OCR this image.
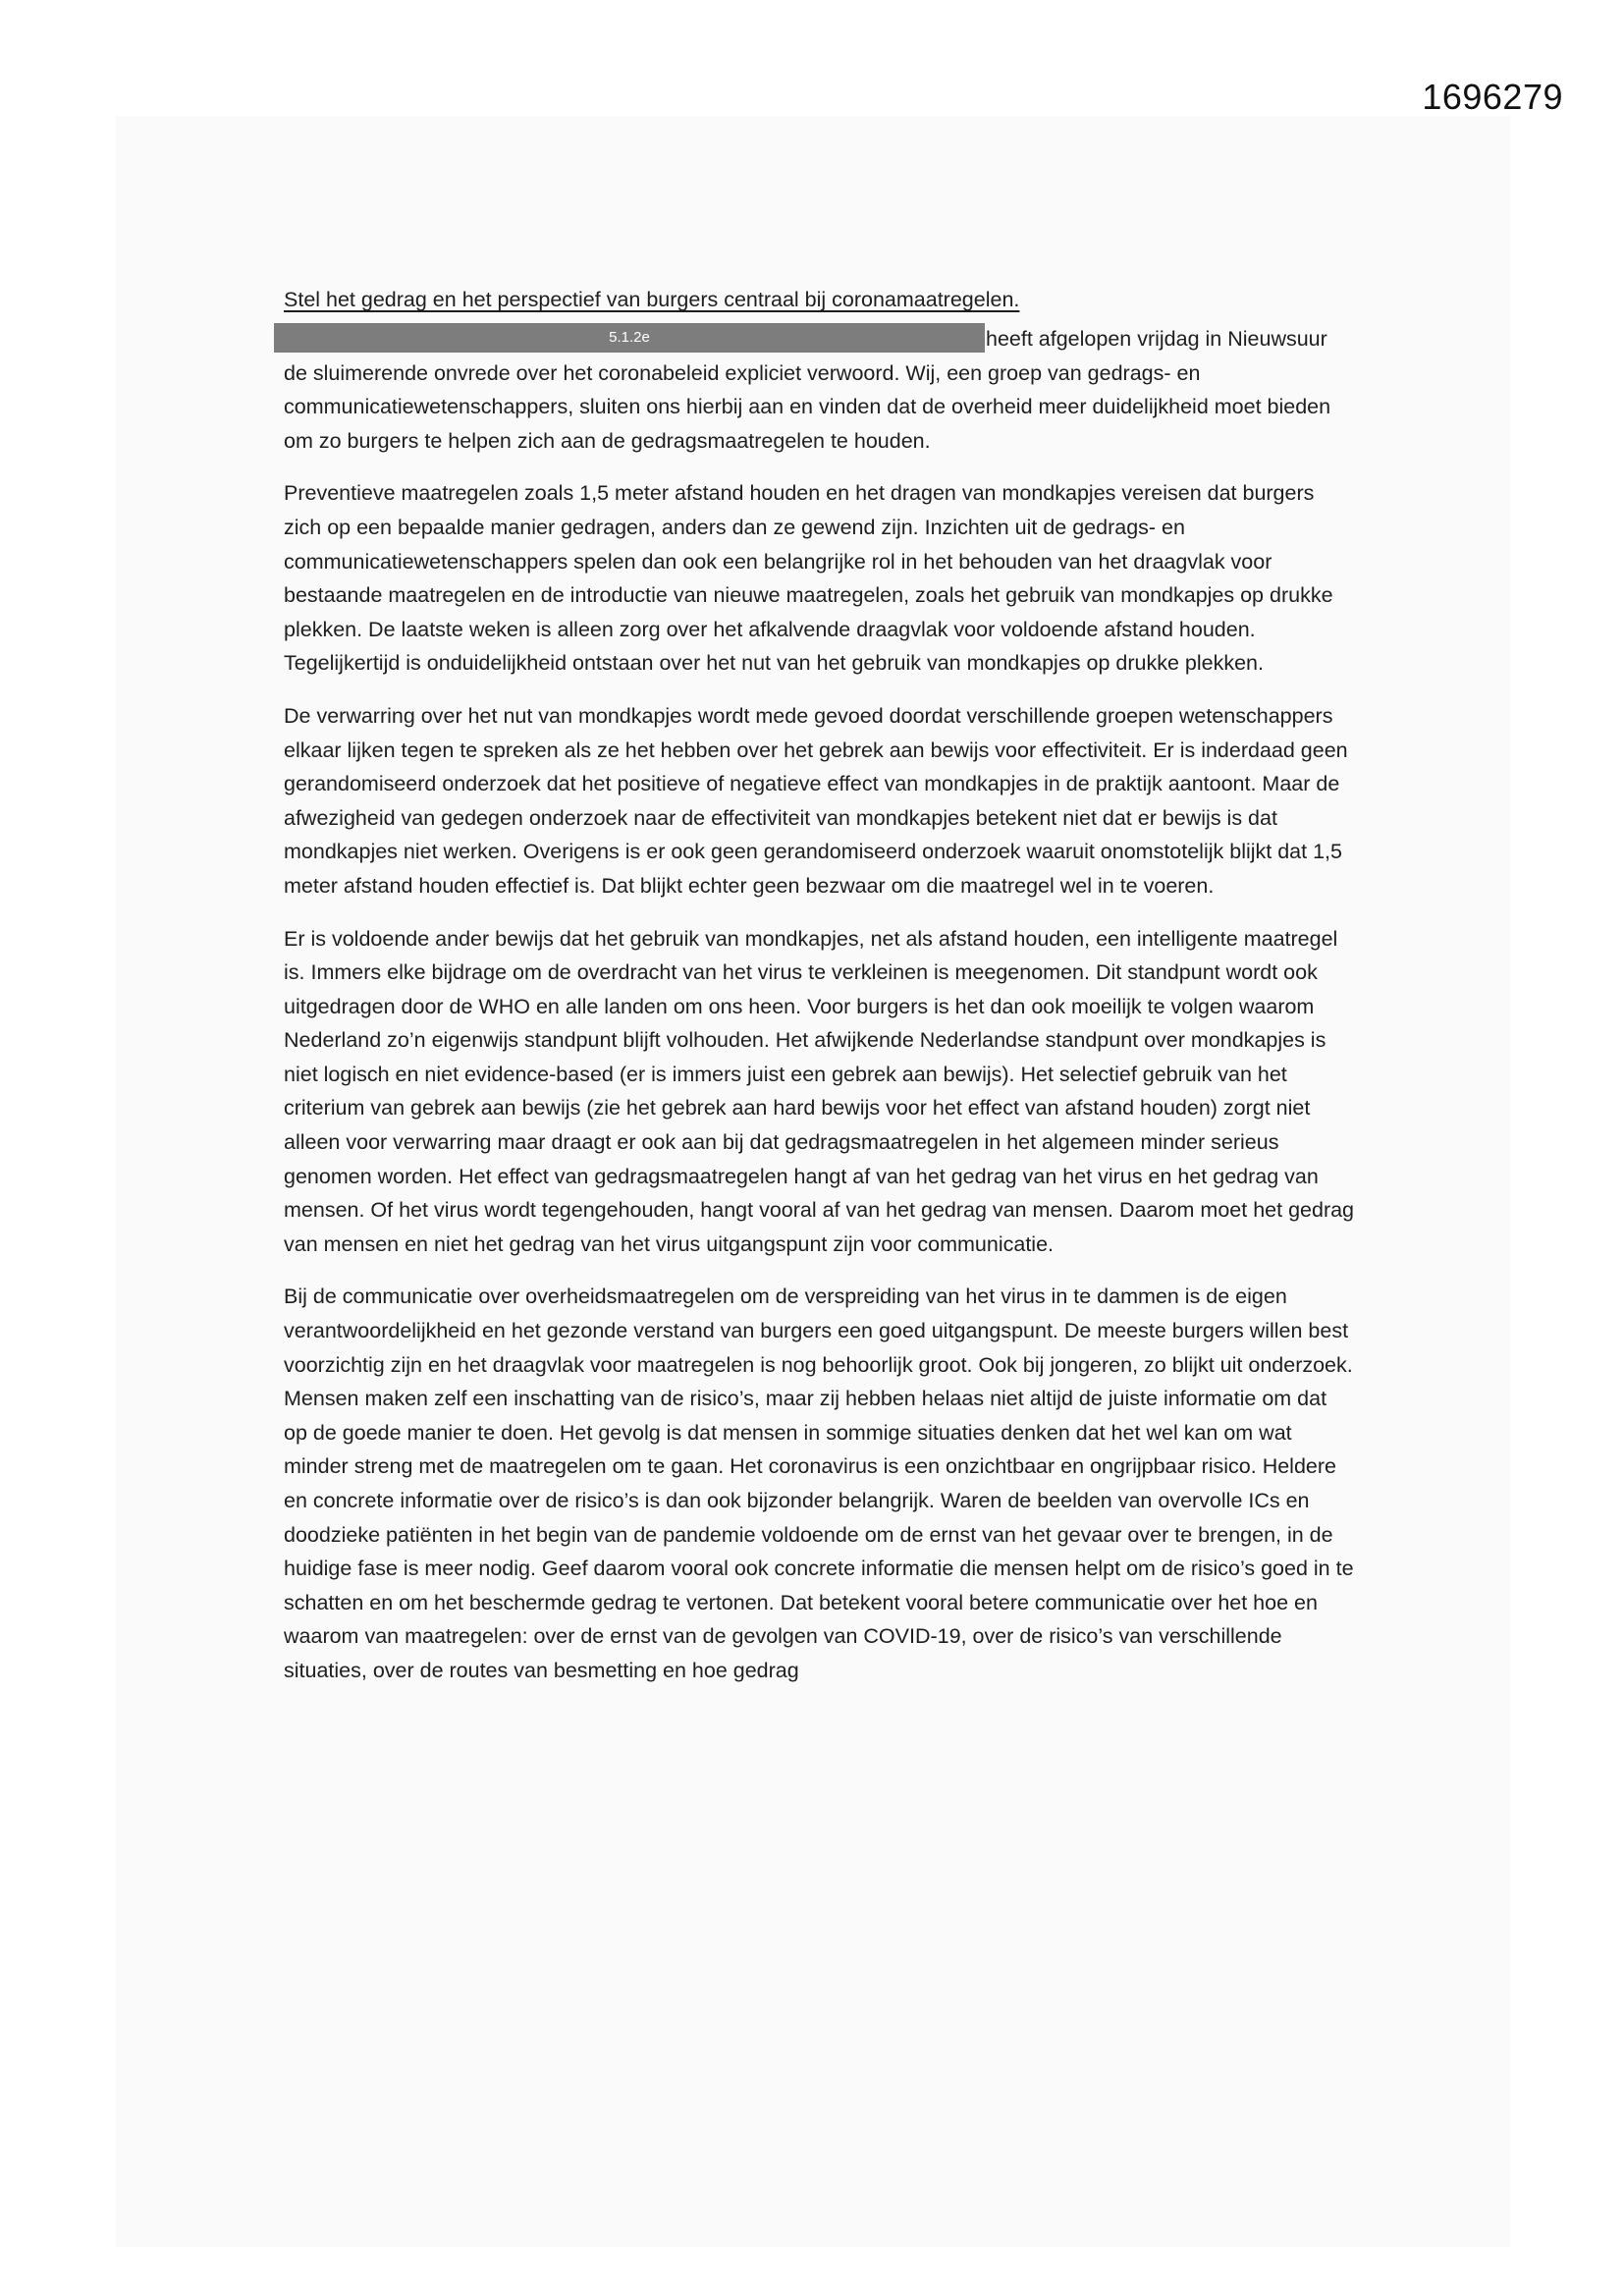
1696279
Stel het gedrag en het perspectief van burgers centraal bij coronamaatregelen.

5.1.2e	heeft afgelopen vrijdag in Nieuwsuur de sluimerende onvrede over het coronabeleid expliciet verwoord. Wij, een groep van gedrags- en communicatiewetenschappers, sluiten ons hierbij aan en vinden dat de overheid meer duidelijkheid moet bieden om zo burgers te helpen zich aan de gedragsmaatregelen te houden.

Preventieve maatregelen zoals 1,5 meter afstand houden en het dragen van mondkapjes vereisen dat burgers zich op een bepaalde manier gedragen, anders dan ze gewend zijn. Inzichten uit de gedrags- en communicatiewetenschappers spelen dan ook een belangrijke rol in het behouden van het draagvlak voor bestaande maatregelen en de introductie van nieuwe maatregelen, zoals het gebruik van mondkapjes op drukke plekken. De laatste weken is alleen zorg over het afkalvende draagvlak voor voldoende afstand houden. Tegelijkertijd is onduidelijkheid ontstaan over het nut van het gebruik van mondkapjes op drukke plekken.

De verwarring over het nut van mondkapjes wordt mede gevoed doordat verschillende groepen wetenschappers elkaar lijken tegen te spreken als ze het hebben over het gebrek aan bewijs voor effectiviteit. Er is inderdaad geen gerandomiseerd onderzoek dat het positieve of negatieve effect van mondkapjes in de praktijk aantoont. Maar de afwezigheid van gedegen onderzoek naar de effectiviteit van mondkapjes betekent niet dat er bewijs is dat mondkapjes niet werken. Overigens is er ook geen gerandomiseerd onderzoek waaruit onomstotelijk blijkt dat 1,5 meter afstand houden effectief is. Dat blijkt echter geen bezwaar om die maatregel wel in te voeren.

Er is voldoende ander bewijs dat het gebruik van mondkapjes, net als afstand houden, een intelligente maatregel is. Immers elke bijdrage om de overdracht van het virus te verkleinen is meegenomen. Dit standpunt wordt ook uitgedragen door de WHO en alle landen om ons heen. Voor burgers is het dan ook moeilijk te volgen waarom Nederland zo’n eigenwijs standpunt blijft volhouden. Het afwijkende Nederlandse standpunt over mondkapjes is niet logisch en niet evidence-based (er is immers juist een gebrek aan bewijs). Het selectief gebruik van het criterium van gebrek aan bewijs (zie het gebrek aan hard bewijs voor het effect van afstand houden) zorgt niet alleen voor verwarring maar draagt er ook aan bij dat gedragsmaatregelen in het algemeen minder serieus genomen worden. Het effect van gedragsmaatregelen hangt af van het gedrag van het virus en het gedrag van mensen. Of het virus wordt tegengehouden, hangt vooral af van het gedrag van mensen. Daarom moet het gedrag van mensen en niet het gedrag van het virus uitgangspunt zijn voor communicatie.

Bij de communicatie over overheidsmaatregelen om de verspreiding van het virus in te dammen is de eigen verantwoordelijkheid en het gezonde verstand van burgers een goed uitgangspunt. De meeste burgers willen best voorzichtig zijn en het draagvlak voor maatregelen is nog behoorlijk groot. Ook bij jongeren, zo blijkt uit onderzoek. Mensen maken zelf een inschatting van de risico’s, maar zij hebben helaas niet altijd de juiste informatie om dat op de goede manier te doen. Het gevolg is dat mensen in sommige situaties denken dat het wel kan om wat minder streng met de maatregelen om te gaan. Het coronavirus is een onzichtbaar en ongrijpbaar risico. Heldere en concrete informatie over de risico’s is dan ook bijzonder belangrijk. Waren de beelden van overvolle ICs en doodzieke patiënten in het begin van de pandemie voldoende om de ernst van het gevaar over te brengen, in de huidige fase is meer nodig. Geef daarom vooral ook concrete informatie die mensen helpt om de risico’s goed in te schatten en om het beschermde gedrag te vertonen. Dat betekent vooral betere communicatie over het hoe en waarom van maatregelen: over de ernst van de gevolgen van COVID-19, over de risico’s van verschillende situaties, over de routes van besmetting en hoe gedrag
